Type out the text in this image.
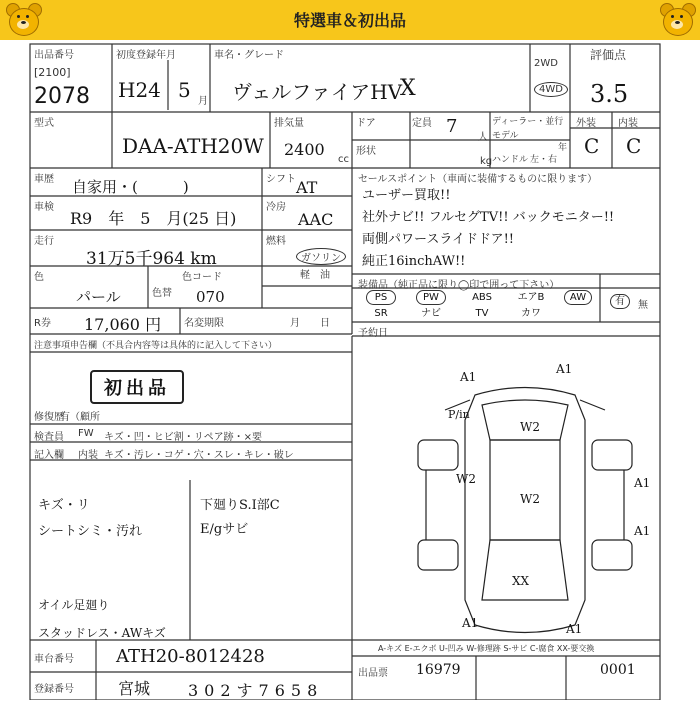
特選車＆初出品
出品番号
[2100]
2078
初度登録年月
H24 5 月
車名・グレード
ヴェルファイアHV
X
2WD
4WD
評価点
3.5
型式
DAA-ATH20W
排気量
2400
cc
ドア	定員 7
人
形状
kg
ディーラー・並行
モデル
年
ハンドル 左・右
外装 内装
C C
車歴 自家用・(　　　)
車検
R9　年　5　月(25 日)
走行
31万5千964 km
色
パール	色替
色コード
070
R券 17,060 円 名変期限	月　　日
シフト AT
冷房
AAC
燃料
ガソリン
軽　油
セールスポイント（車両に装備するものに限ります）
ユーザー買取!!
社外ナビ!! フルセグTV!! バックモニター!!
両側パワースライドドア!!
純正16inchAW!!
装備品（純正品に限り◯印で囲って下さい）
PS	PW	ABS	エアB	AW
SR	ナビ	TV	カワ
有	無
予約日
注意事項申告欄（不具合内容等は具体的に記入して下さい）
初出品
有（顧所
修復歴
検査員 FW キズ・凹・ヒビ割・リペア跡・×要
記入欄 内装 キズ・汚レ・コゲ・穴・スレ・キレ・破レ
キズ・リ
シートシミ・汚れ
オイル足廻り
スタッドレス・AWキズ
下廻りS.I部C
E/gサビ
A1
A1
W2
P/in
W2
W2
A1
A1
XX
A1	A1
A-キズ E-エクボ U-凹み W-修理跡 S-サビ C-腐食 XX-要交換
車台番号 ATH20-8012428
登録番号	宮城 302す7658
出品票 16979	0001
